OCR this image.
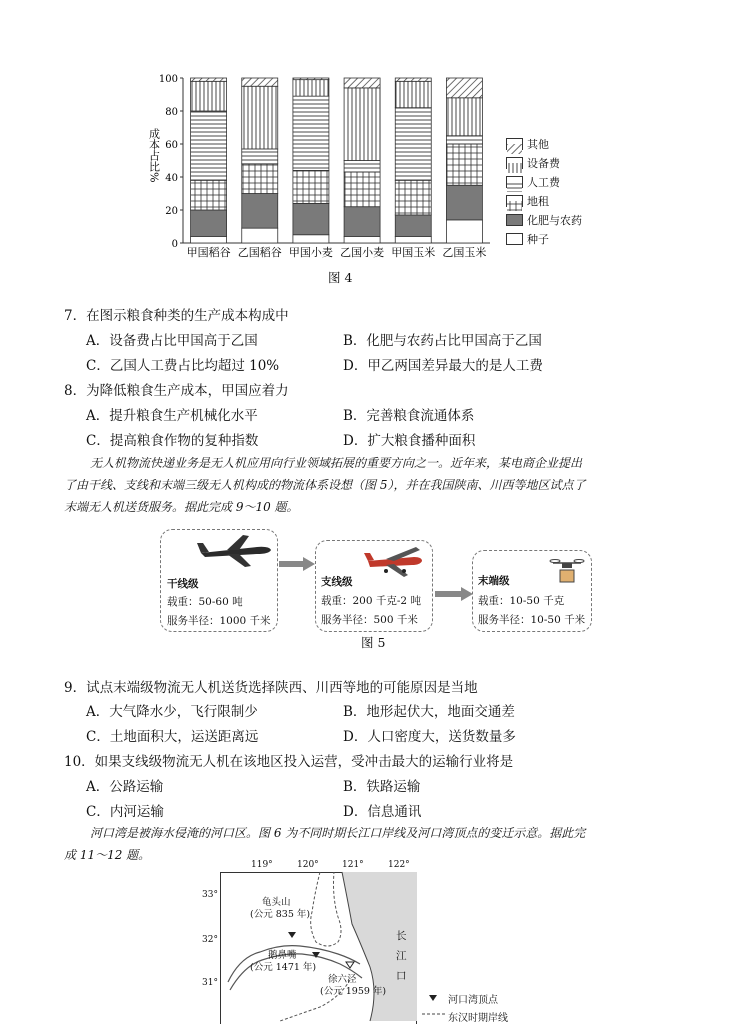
成本占比%
0
20
40
60
80
100
甲国稻谷 乙国稻谷 甲国小麦 乙国小麦 甲国玉米 乙国玉米
其他
设备费
人工费
地租
化肥与农药
种子
图 4
7．在图示粮食种类的生产成本构成中
A．设备费占比甲国高于乙国	B．化肥与农药占比甲国高于乙国
C．乙国人工费占比均超过 10%	D．甲乙两国差异最大的是人工费
8．为降低粮食生产成本，甲国应着力
A．提升粮食生产机械化水平	B．完善粮食流通体系
C．提高粮食作物的复种指数	D．扩大粮食播种面积
无人机物流快递业务是无人机应用向行业领域拓展的重要方向之一。近年来，某电商企业提出
了由干线、支线和末端三级无人机构成的物流体系设想（图 5），并在我国陕南、川西等地区试点了
末端无人机送货服务。据此完成 9～10 题。
干线级
载重：50-60 吨
服务半径：1000 千米
支线级
载重：200 千克-2 吨
服务半径：500 千米
末端级
载重：10-50 千克
服务半径：10-50 千米
图 5
9．试点末端级物流无人机送货选择陕西、川西等地的可能原因是当地
A．大气降水少，飞行限制少	B．地形起伏大，地面交通差
C．土地面积大，运送距离远	D．人口密度大，送货数量多
10．如果支线级物流无人机在该地区投入运营，受冲击最大的运输行业将是
A．公路运输	B．铁路运输
C．内河运输	D．信息通讯
河口湾是被海水侵淹的河口区。图 6 为不同时期长江口岸线及河口湾顶点的变迁示意。据此完
成 11～12 题。
119°	120°	121°	122°
33°
32°
31°
龟头山
(公元 835 年)
鹅鼻嘴
(公元 1471 年)
徐六泾
(公元 1959 年)
长
江
口
河口湾顶点
东汉时期岸线
